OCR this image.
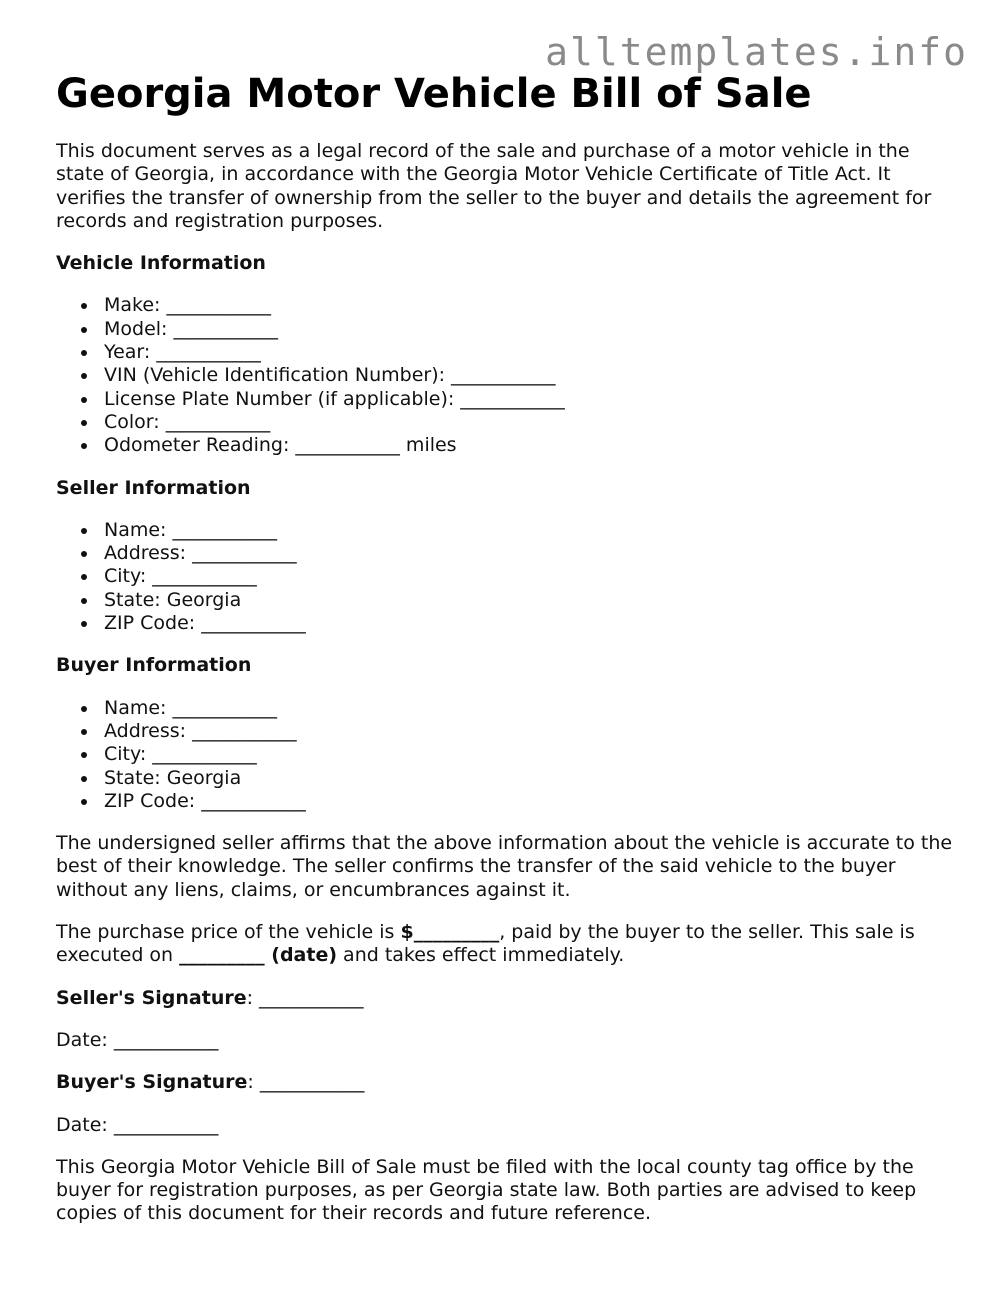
alltemplates.info
Georgia Motor Vehicle Bill of Sale

This document serves as a legal record of the sale and purchase of a motor vehicle in the state of Georgia, in accordance with the Georgia Motor Vehicle Certificate of Title Act. It verifies the transfer of ownership from the seller to the buyer and details the agreement for records and registration purposes.

Vehicle Information
Make: ___________
Model: ___________
Year: ___________
VIN (Vehicle Identification Number): ___________
License Plate Number (if applicable): ___________
Color: ___________
Odometer Reading: ___________ miles
Seller Information
Name: ___________
Address: ___________
City: ___________
State: Georgia
ZIP Code: ___________
Buyer Information
Name: ___________
Address: ___________
City: ___________
State: Georgia
ZIP Code: ___________

The undersigned seller affirms that the above information about the vehicle is accurate to the best of their knowledge. The seller confirms the transfer of the said vehicle to the buyer without any liens, claims, or encumbrances against it.

The purchase price of the vehicle is $_________, paid by the buyer to the seller. This sale is executed on _________ (date) and takes effect immediately.

Seller's Signature: ___________

Date: ___________

Buyer's Signature: ___________

Date: ___________

This Georgia Motor Vehicle Bill of Sale must be filed with the local county tag office by the buyer for registration purposes, as per Georgia state law. Both parties are advised to keep copies of this document for their records and future reference.
